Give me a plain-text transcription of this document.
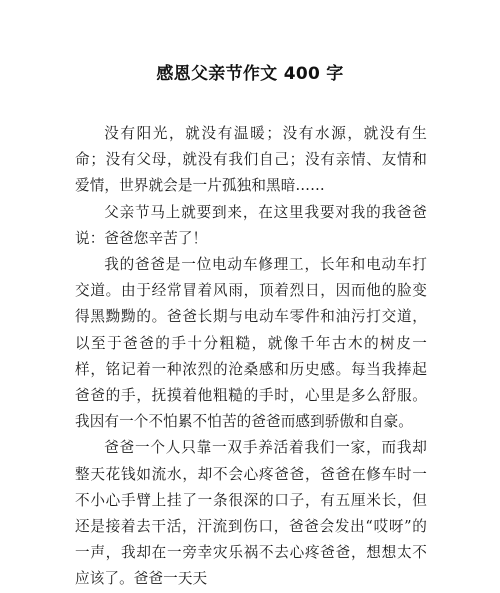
感恩父亲节作文 400 字

没有阳光，就没有温暖；没有水源，就没有生命；没有父母，就没有我们自己；没有亲情、友情和爱情，世界就会是一片孤独和黑暗……

父亲节马上就要到来，在这里我要对我的我爸爸说：爸爸您辛苦了！

我的爸爸是一位电动车修理工，长年和电动车打交道。由于经常冒着风雨，顶着烈日，因而他的脸变得黑黝黝的。爸爸长期与电动车零件和油污打交道，以至于爸爸的手十分粗糙，就像千年古木的树皮一样，铭记着一种浓烈的沧桑感和历史感。每当我捧起爸爸的手，抚摸着他粗糙的手时，心里是多么舒服。我因有一个不怕累不怕苦的爸爸而感到骄傲和自豪。

爸爸一个人只靠一双手养活着我们一家，而我却整天花钱如流水，却不会心疼爸爸，爸爸在修车时一不小心手臂上挂了一条很深的口子，有五厘米长，但还是接着去干活，汗流到伤口，爸爸会发出“哎呀”的一声，我却在一旁幸灾乐祸不去心疼爸爸，想想太不应该了。爸爸一天天
